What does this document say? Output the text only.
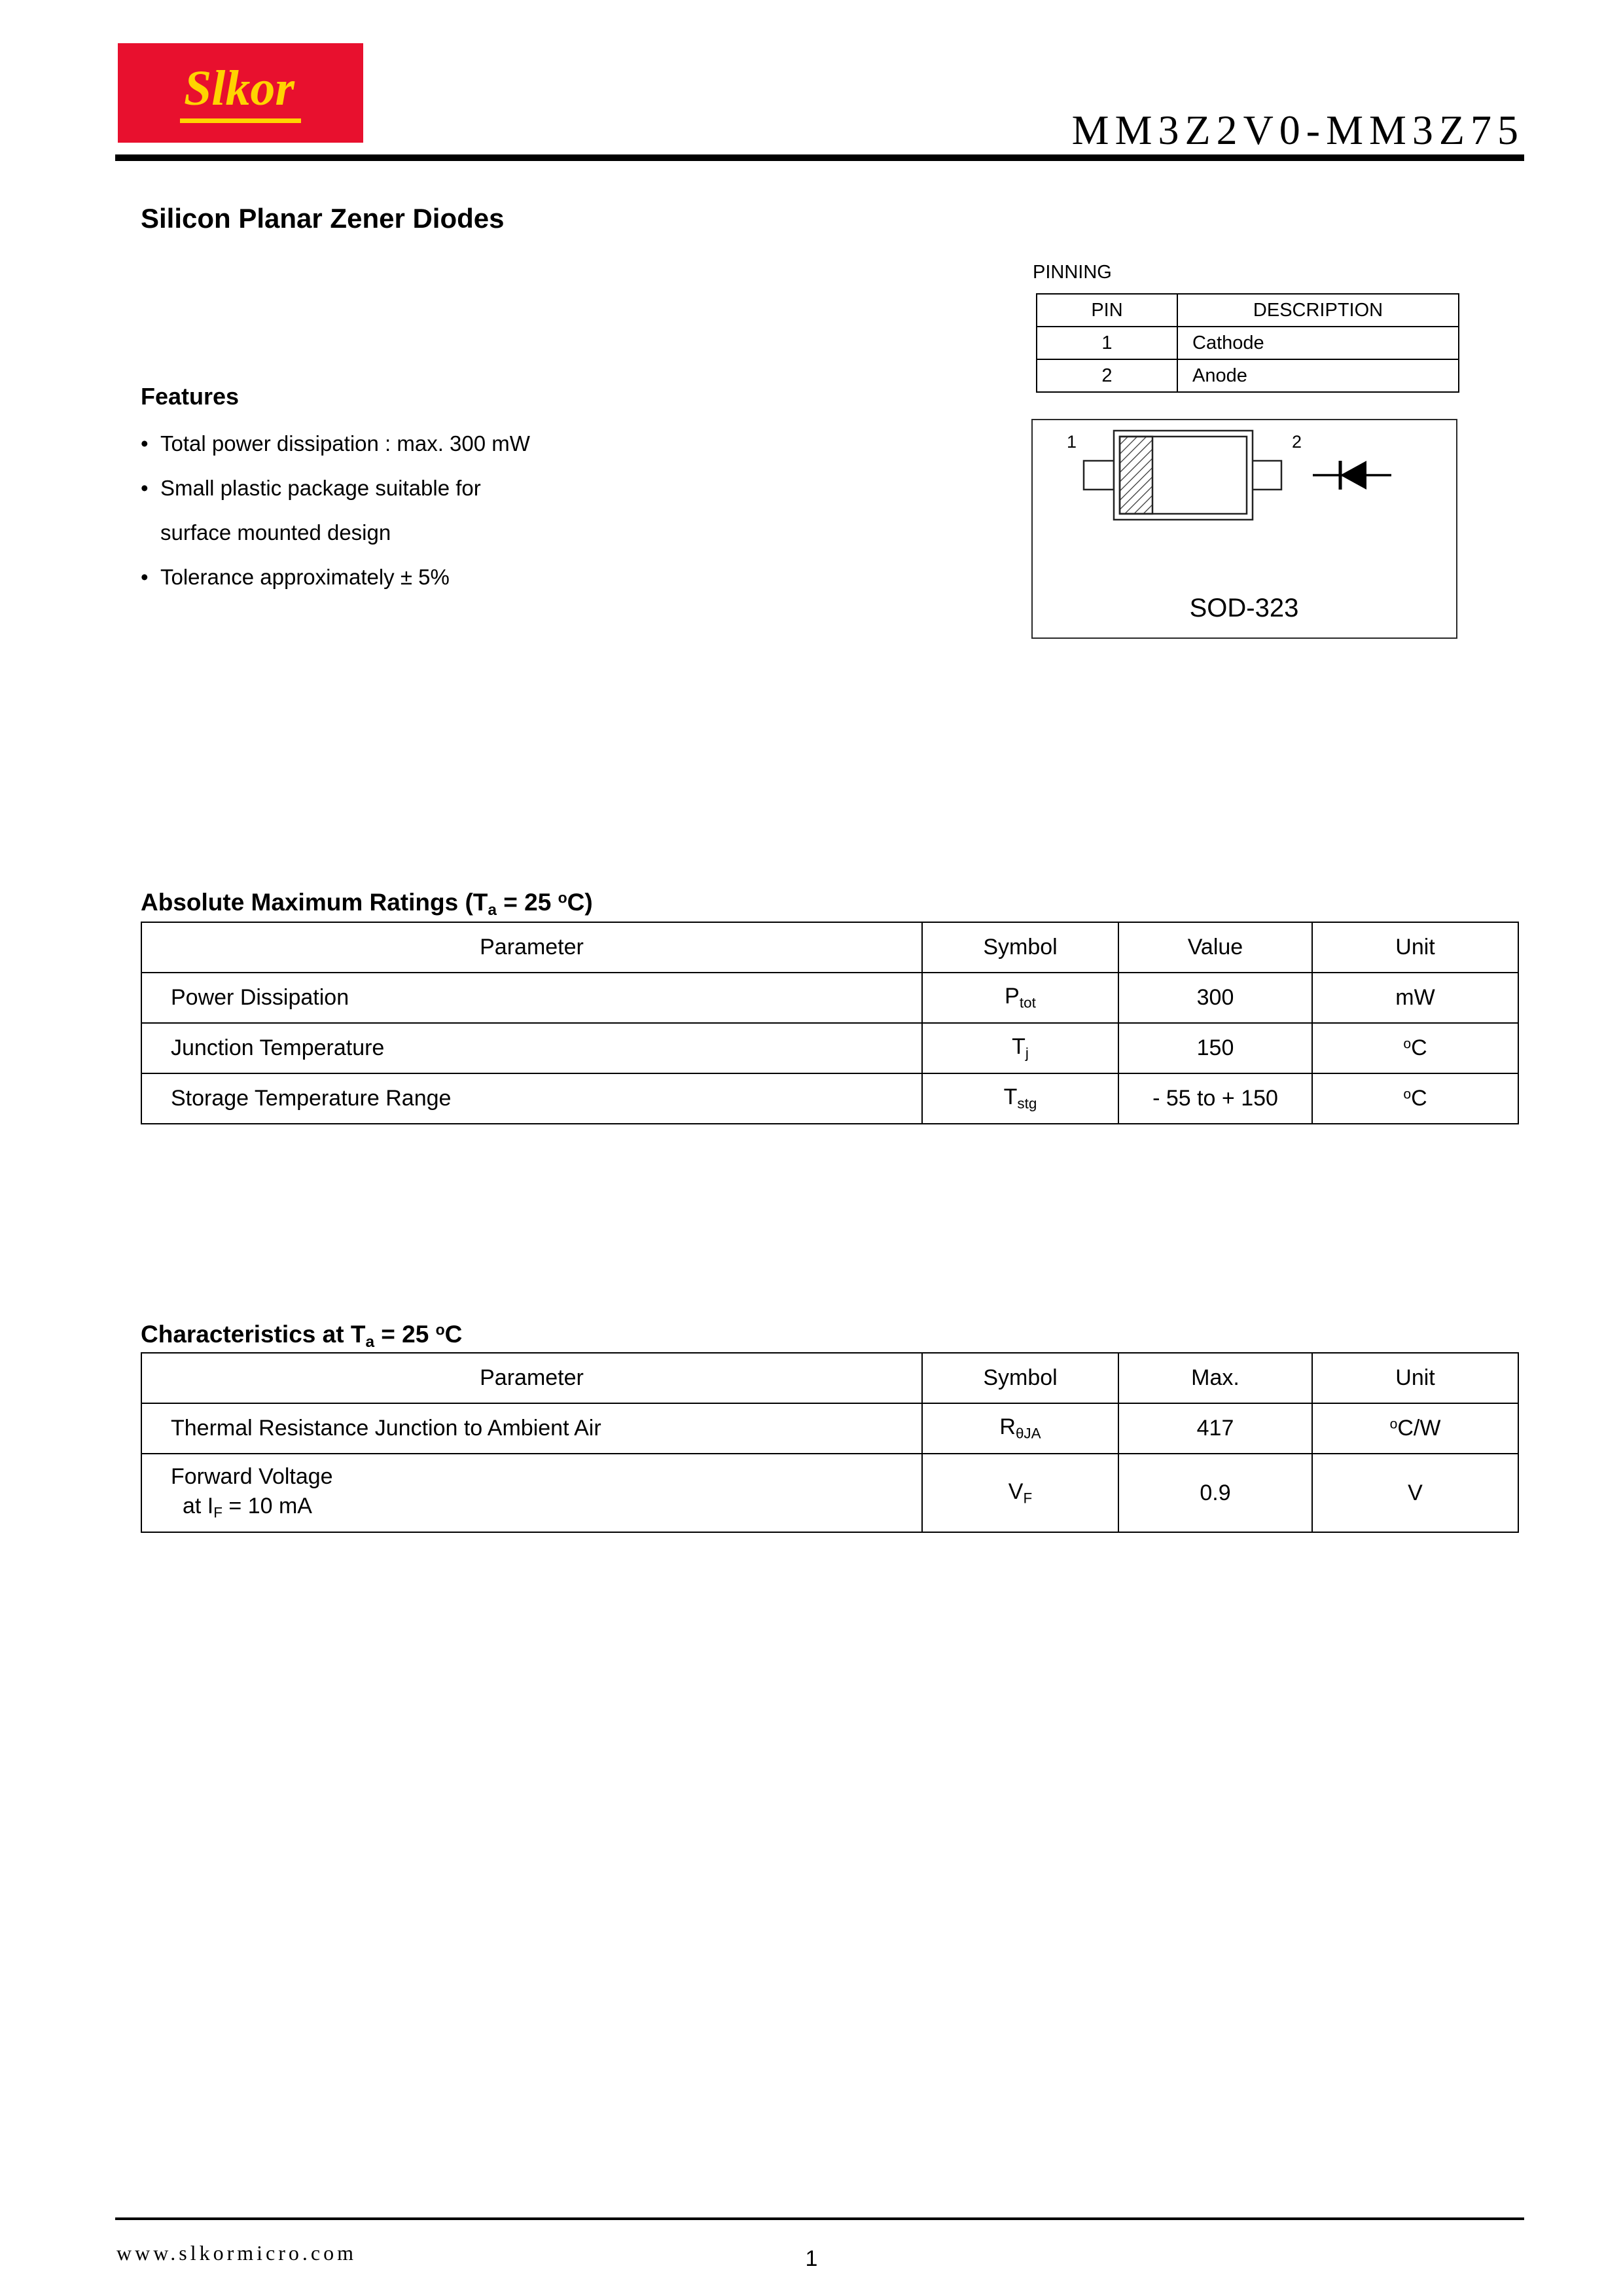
Slkor
MM3Z2V0-MM3Z75
Silicon Planar Zener Diodes
PINNING
PIN	DESCRIPTION
1	Cathode
2	Anode
1	2
SOD-323
Features
• Total power dissipation : max. 300 mW
• Small plastic package suitable for
surface mounted design
• Tolerance approximately ± 5%
Absolute Maximum Ratings (Ta = 25 $^o$C)
Parameter	Symbol	Value	Unit
Power Dissipation	Ptot	300	mW
Junction Temperature	Tj	150	$^o$C
Storage Temperature Range	Tstg	- 55 to + 150	$^o$C
Characteristics at Ta = 25 $^o$C
Parameter	Symbol	Max.	Unit
Thermal Resistance Junction to Ambient Air	RθJA	417	$^o$C/W
Forward Voltage
at IF = 10 mA	VF	0.9	V
www.slkormicro.com	1
